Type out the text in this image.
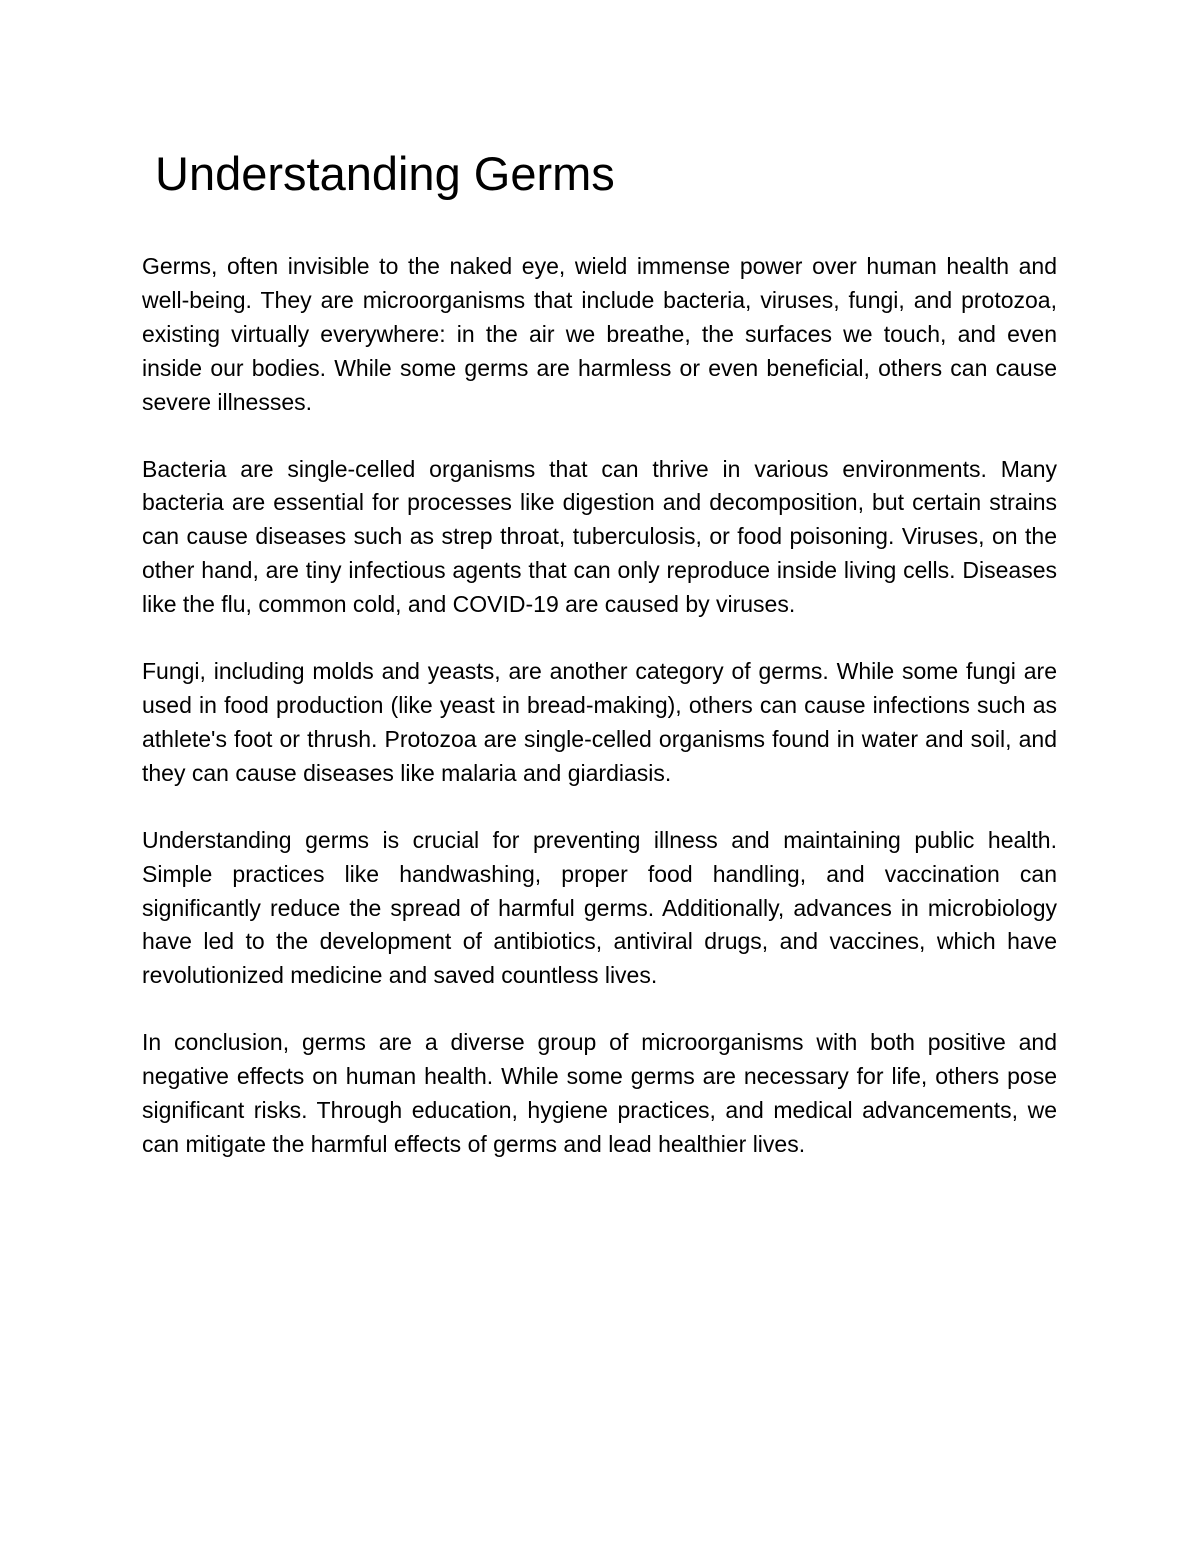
Understanding Germs

Germs, often invisible to the naked eye, wield immense power over human health and well-being. They are microorganisms that include bacteria, viruses, fungi, and protozoa, existing virtually everywhere: in the air we breathe, the surfaces we touch, and even inside our bodies. While some germs are harmless or even beneficial, others can cause severe illnesses.

Bacteria are single-celled organisms that can thrive in various environments. Many bacteria are essential for processes like digestion and decomposition, but certain strains can cause diseases such as strep throat, tuberculosis, or food poisoning. Viruses, on the other hand, are tiny infectious agents that can only reproduce inside living cells. Diseases like the flu, common cold, and COVID-19 are caused by viruses.

Fungi, including molds and yeasts, are another category of germs. While some fungi are used in food production (like yeast in bread-making), others can cause infections such as athlete's foot or thrush. Protozoa are single-celled organisms found in water and soil, and they can cause diseases like malaria and giardiasis.

Understanding germs is crucial for preventing illness and maintaining public health. Simple practices like handwashing, proper food handling, and vaccination can significantly reduce the spread of harmful germs. Additionally, advances in microbiology have led to the development of antibiotics, antiviral drugs, and vaccines, which have revolutionized medicine and saved countless lives.

In conclusion, germs are a diverse group of microorganisms with both positive and negative effects on human health. While some germs are necessary for life, others pose significant risks. Through education, hygiene practices, and medical advancements, we can mitigate the harmful effects of germs and lead healthier lives.
